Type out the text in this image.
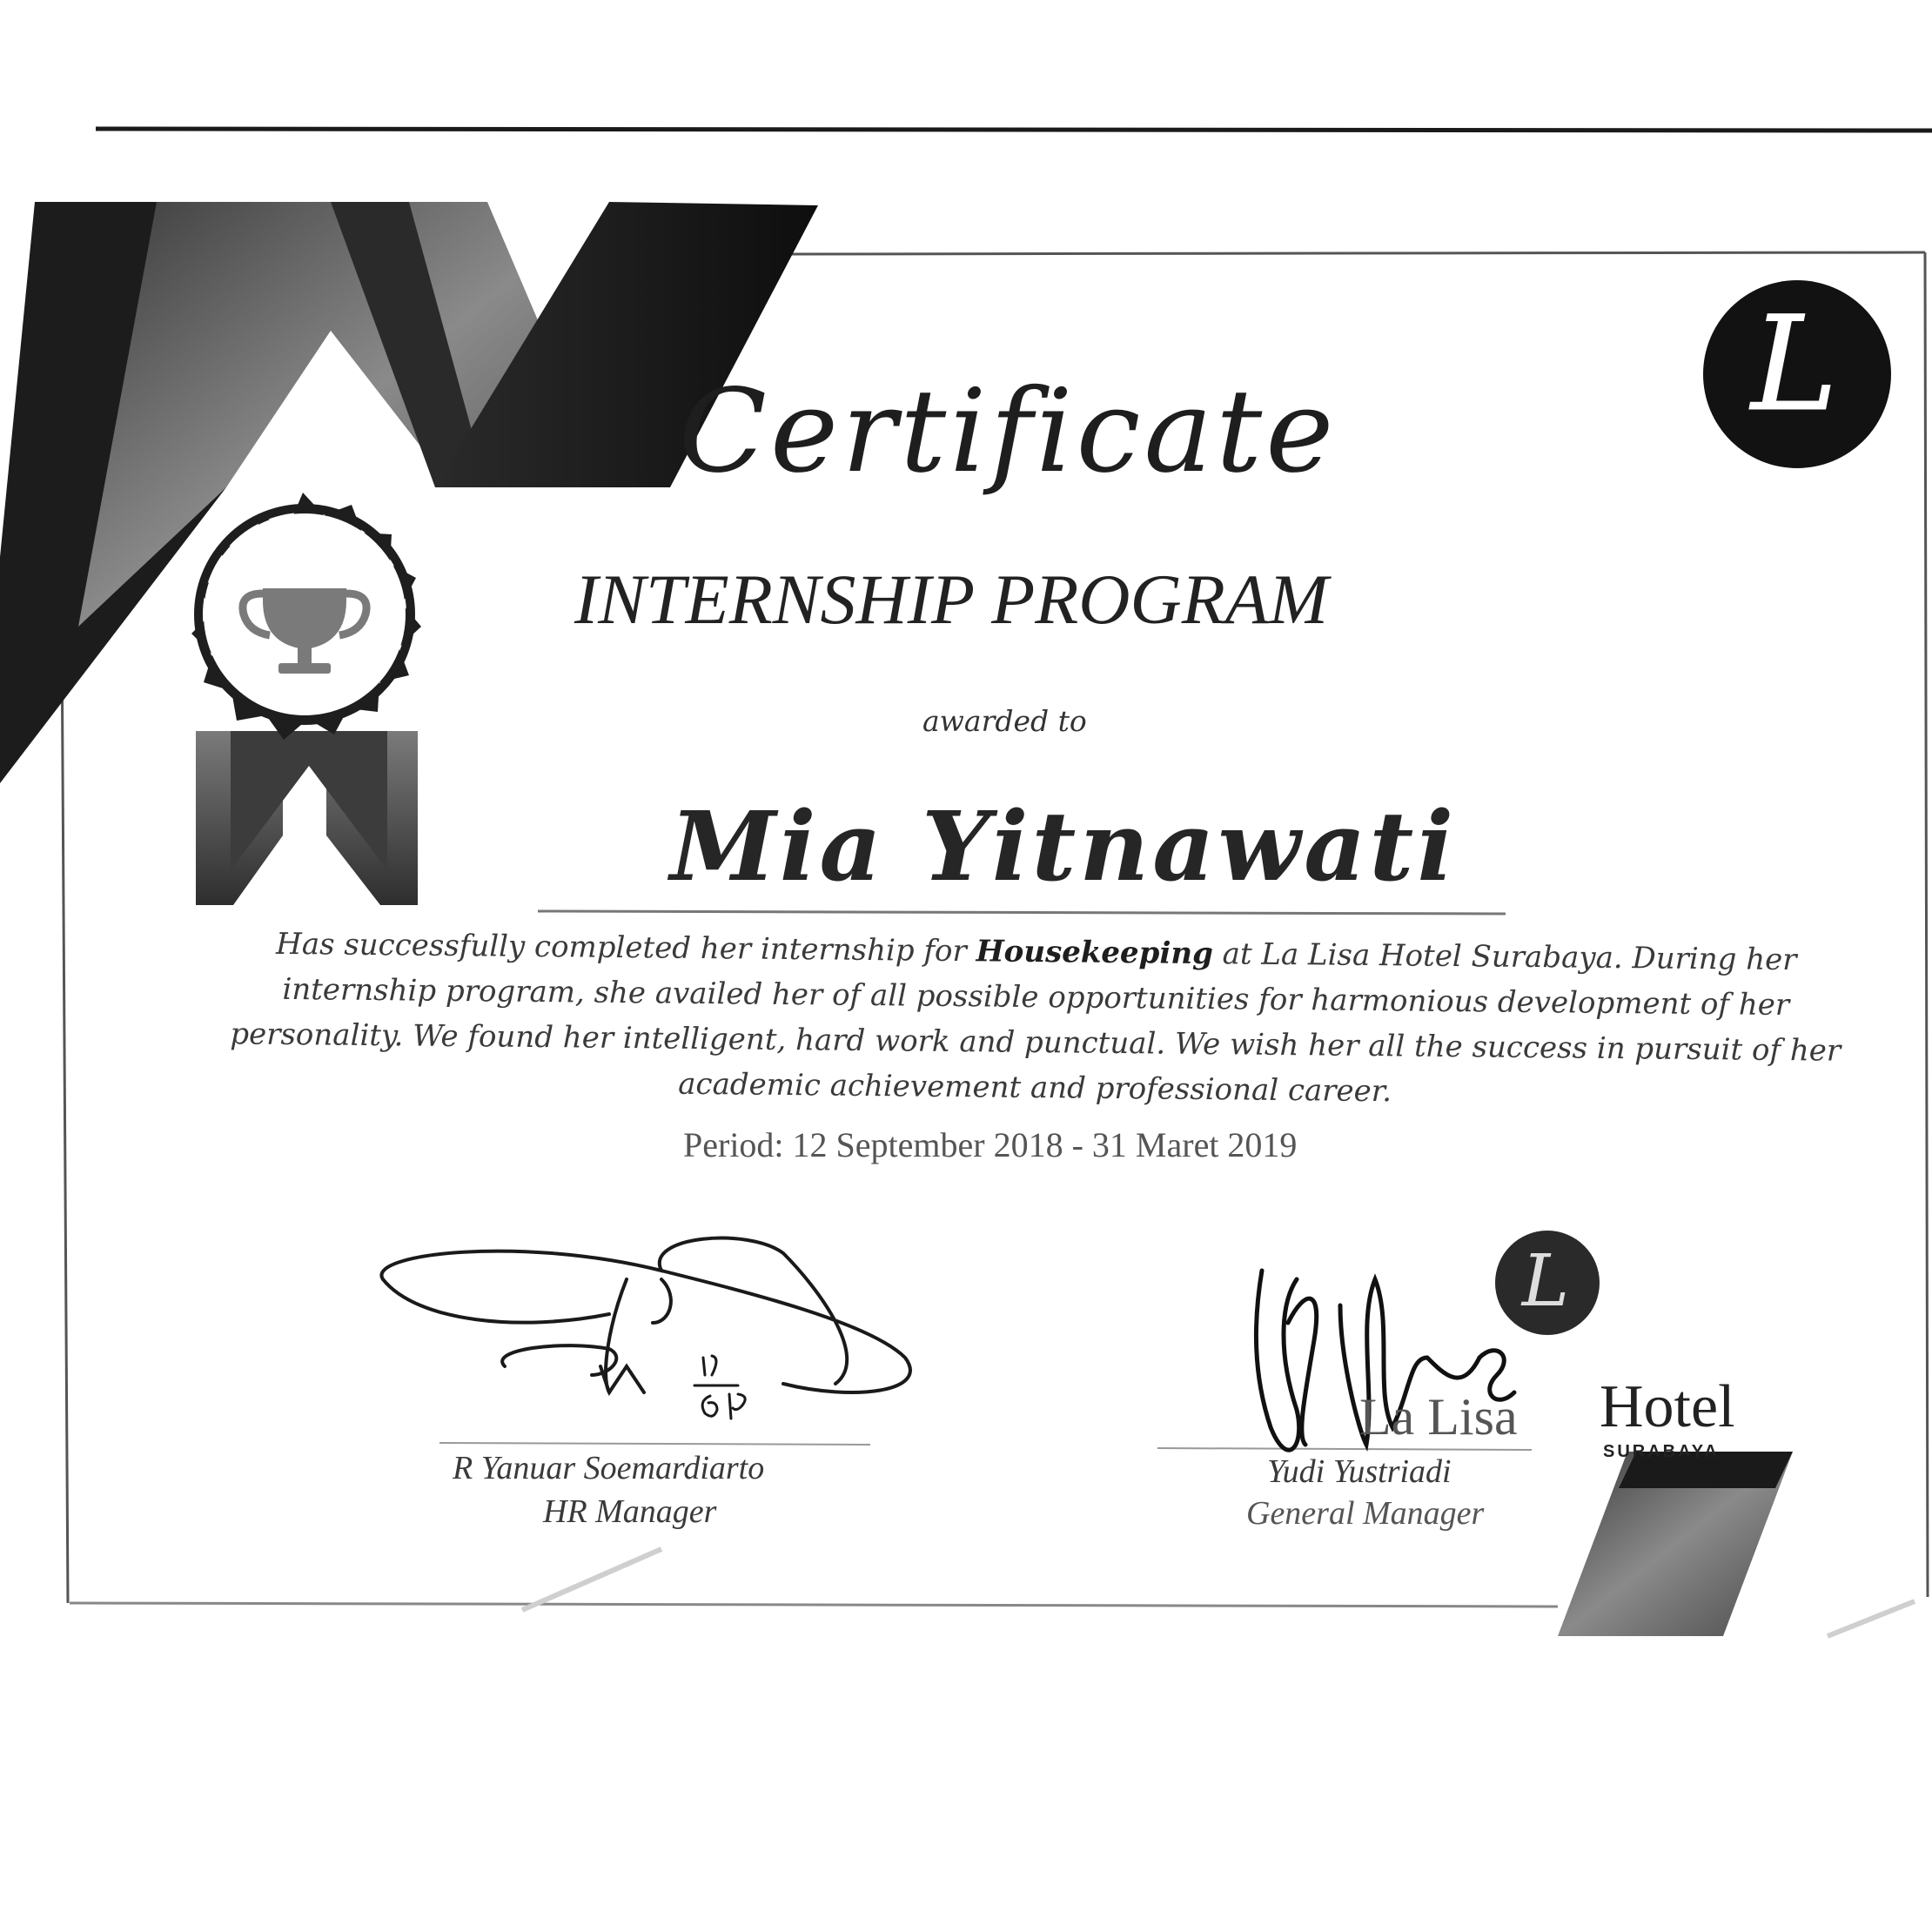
L
L
Certificate
INTERNSHIP PROGRAM
awarded to
Mia Yitnawati

Has successfully completed her internship for Housekeeping at La Lisa Hotel Surabaya. During her internship program, she availed her of all possible opportunities for harmonious development of her personality. We found her intelligent, hard work and punctual. We wish her all the success in pursuit of her academic achievement and professional career.

Period: 12 September 2018 - 31 Maret 2019
R Yanuar Soemardiarto
HR Manager
Yudi Yustriadi
General Manager
La Lisa Hotel
SURABAYA
